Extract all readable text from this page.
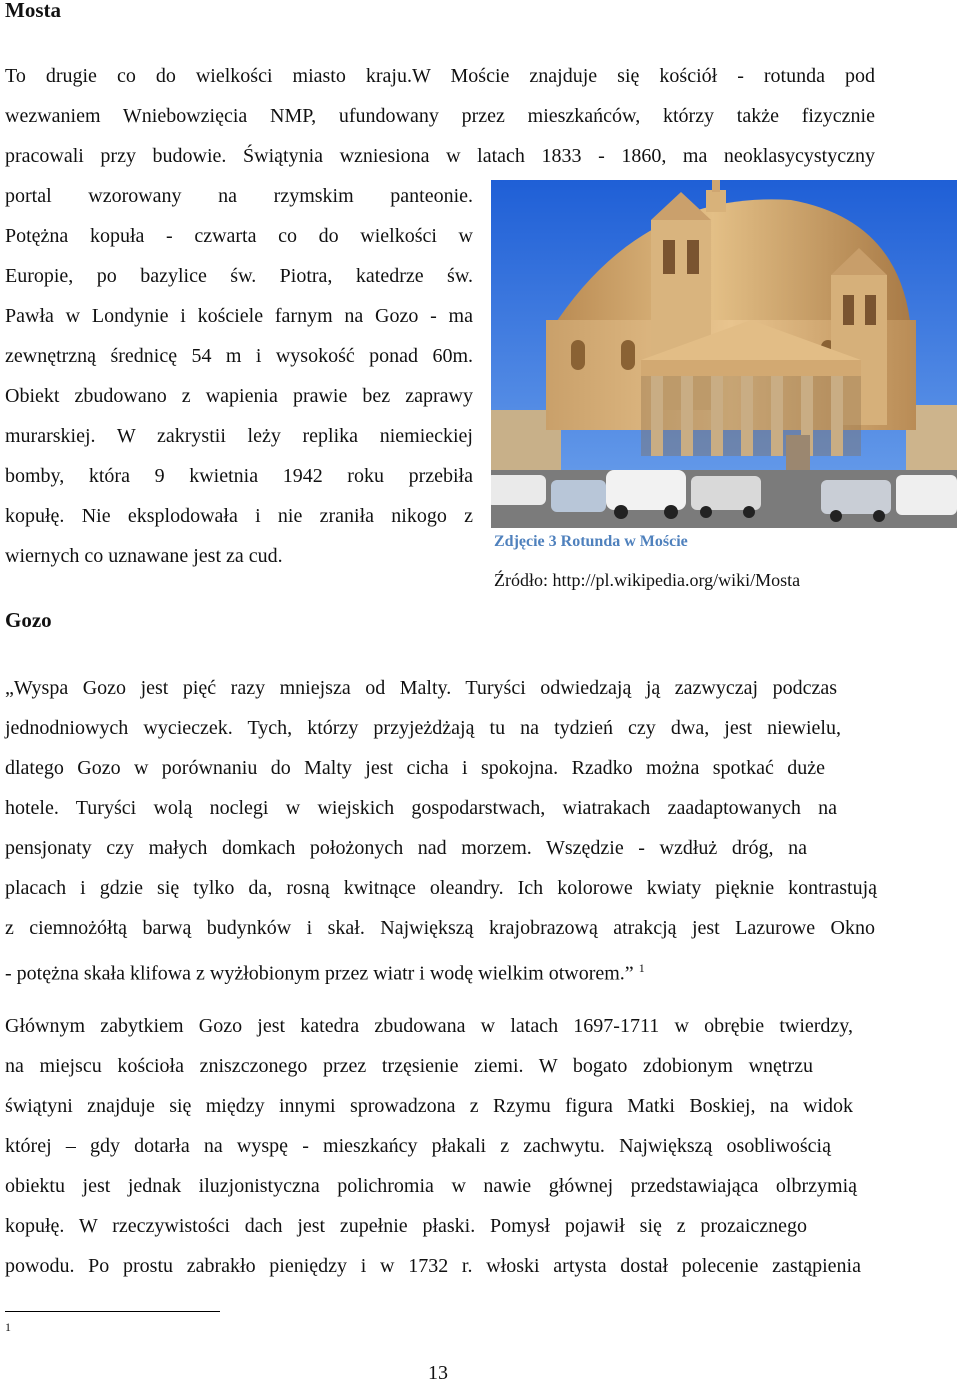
Mosta
To drugie co do wielkości miasto kraju.W Moście znajduje się kościół - rotunda pod
wezwaniem Wniebowzięcia NMP, ufundowany przez mieszkańców, którzy także fizycznie
pracowali przy budowie. Świątynia wzniesiona w latach 1833 - 1860, ma neoklasycystyczny
portal wzorowany na rzymskim panteonie.
Potężna kopuła - czwarta co do wielkości w
Europie, po bazylice św. Piotra, katedrze św.
Pawła w Londynie i kościele farnym na Gozo - ma
zewnętrzną średnicę 54 m i wysokość ponad 60m.
Obiekt zbudowano z wapienia prawie bez zaprawy
murarskiej. W zakrystii leży replika niemieckiej
bomby, która 9 kwietnia 1942 roku przebiła
kopułę. Nie eksplodowała i nie zraniła nikogo z
wiernych co uznawane jest za cud.
Zdjęcie 3 Rotunda w Moście
Źródło: http://pl.wikipedia.org/wiki/Mosta
Gozo
„Wyspa Gozo jest pięć razy mniejsza od Malty. Turyści odwiedzają ją zazwyczaj podczas
jednodniowych wycieczek. Tych, którzy przyjeżdżają tu na tydzień czy dwa, jest niewielu,
dlatego Gozo w porównaniu do Malty jest cicha i spokojna. Rzadko można spotkać duże
hotele. Turyści wolą noclegi w wiejskich gospodarstwach, wiatrakach zaadaptowanych na
pensjonaty czy małych domkach położonych nad morzem. Wszędzie - wzdłuż dróg, na
placach i gdzie się tylko da, rosną kwitnące oleandry. Ich kolorowe kwiaty pięknie kontrastują
z ciemnożółtą barwą budynków i skał. Największą krajobrazową atrakcją jest Lazurowe Okno
- potężna skała klifowa z wyżłobionym przez wiatr i wodę wielkim otworem.” $^1$
Głównym zabytkiem Gozo jest katedra zbudowana w latach 1697-1711 w obrębie twierdzy,
na miejscu kościoła zniszczonego przez trzęsienie ziemi. W bogato zdobionym wnętrzu
świątyni znajduje się między innymi sprowadzona z Rzymu figura Matki Boskiej, na widok
której – gdy dotarła na wyspę - mieszkańcy płakali z zachwytu. Największą osobliwością
obiektu jest jednak iluzjonistyczna polichromia w nawie głównej przedstawiająca olbrzymią
kopułę. W rzeczywistości dach jest zupełnie płaski. Pomysł pojawił się z prozaicznego
powodu. Po prostu zabrakło pieniędzy i w 1732 r. włoski artysta dostał polecenie zastąpienia
1
13
